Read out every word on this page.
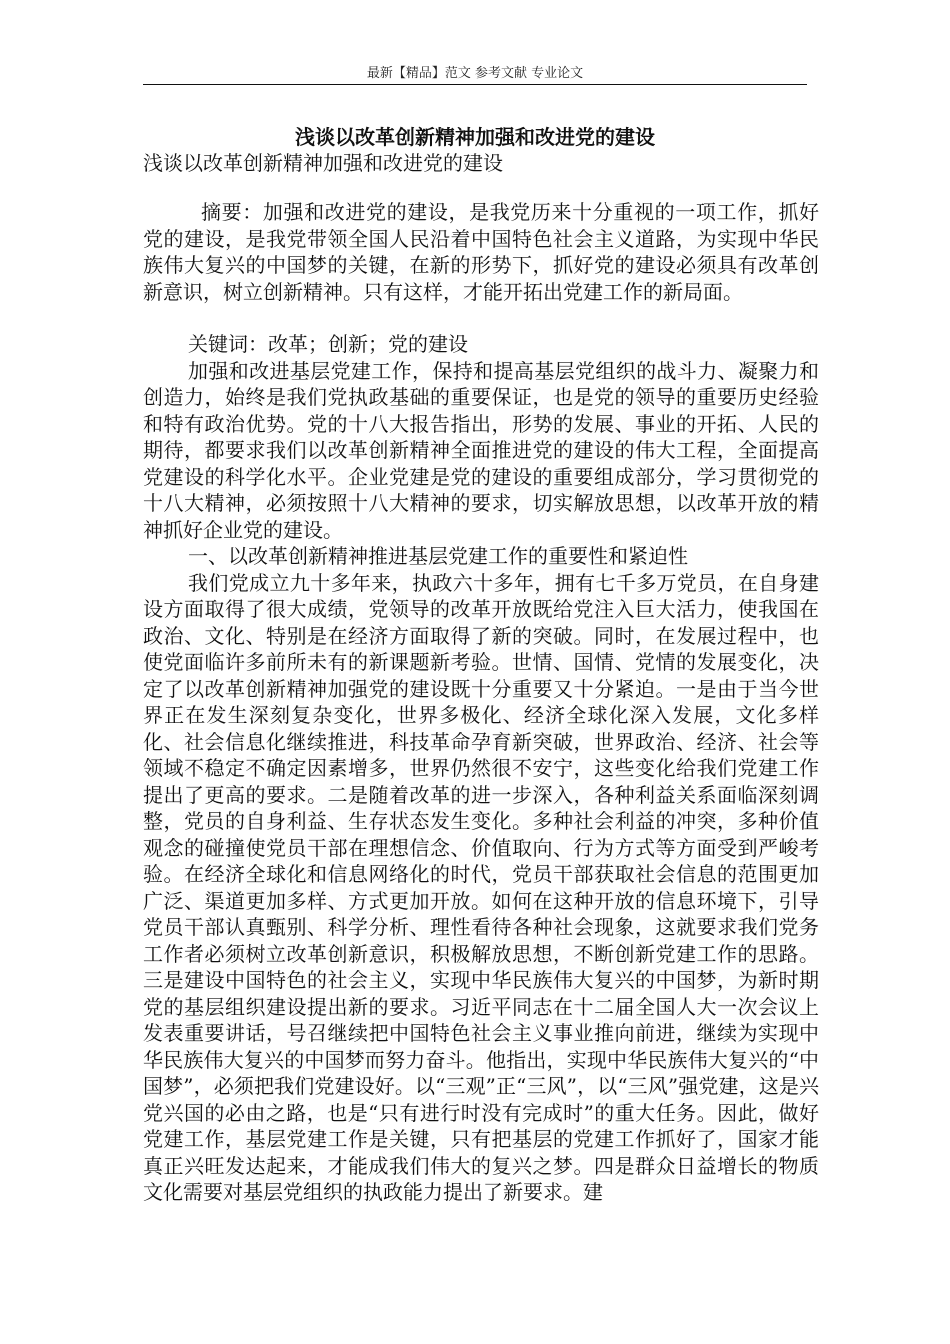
最新【精品】范文 参考文献 专业论文
浅谈以改革创新精神加强和改进党的建设

浅谈以改革创新精神加强和改进党的建设

摘要：加强和改进党的建设，是我党历来十分重视的一项工作，抓好党的建设，是我党带领全国人民沿着中国特色社会主义道路，为实现中华民族伟大复兴的中国梦的关键，在新的形势下，抓好党的建设必须具有改革创新意识，树立创新精神。只有这样，才能开拓出党建工作的新局面。

关键词：改革；创新；党的建设

加强和改进基层党建工作，保持和提高基层党组织的战斗力、凝聚力和创造力，始终是我们党执政基础的重要保证，也是党的领导的重要历史经验和特有政治优势。党的十八大报告指出，形势的发展、事业的开拓、人民的期待，都要求我们以改革创新精神全面推进党的建设的伟大工程，全面提高党建设的科学化水平。企业党建是党的建设的重要组成部分，学习贯彻党的十八大精神，必须按照十八大精神的要求，切实解放思想，以改革开放的精神抓好企业党的建设。

一、以改革创新精神推进基层党建工作的重要性和紧迫性

我们党成立九十多年来，执政六十多年，拥有七千多万党员，在自身建设方面取得了很大成绩，党领导的改革开放既给党注入巨大活力，使我国在政治、文化、特别是在经济方面取得了新的突破。同时，在发展过程中，也使党面临许多前所未有的新课题新考验。世情、国情、党情的发展变化，决定了以改革创新精神加强党的建设既十分重要又十分紧迫。一是由于当今世界正在发生深刻复杂变化，世界多极化、经济全球化深入发展，文化多样化、社会信息化继续推进，科技革命孕育新突破，世界政治、经济、社会等领域不稳定不确定因素增多，世界仍然很不安宁，这些变化给我们党建工作提出了更高的要求。二是随着改革的进一步深入，各种利益关系面临深刻调整，党员的自身利益、生存状态发生变化。多种社会利益的冲突，多种价值观念的碰撞使党员干部在理想信念、价值取向、行为方式等方面受到严峻考验。在经济全球化和信息网络化的时代，党员干部获取社会信息的范围更加广泛、渠道更加多样、方式更加开放。如何在这种开放的信息环境下，引导党员干部认真甄别、科学分析、理性看待各种社会现象，这就要求我们党务工作者必须树立改革创新意识，积极解放思想，不断创新党建工作的思路。三是建设中国特色的社会主义，实现中华民族伟大复兴的中国梦，为新时期党的基层组织建设提出新的要求。习近平同志在十二届全国人大一次会议上发表重要讲话，号召继续把中国特色社会主义事业推向前进，继续为实现中华民族伟大复兴的中国梦而努力奋斗。他指出，实现中华民族伟大复兴的“中国梦”，必须把我们党建设好。以“三观”正“三风”，以“三风”强党建，这是兴党兴国的必由之路，也是“只有进行时没有完成时”的重大任务。因此，做好党建工作，基层党建工作是关键，只有把基层的党建工作抓好了，国家才能真正兴旺发达起来，才能成我们伟大的复兴之梦。四是群众日益增长的物质文化需要对基层党组织的执政能力提出了新要求。建
